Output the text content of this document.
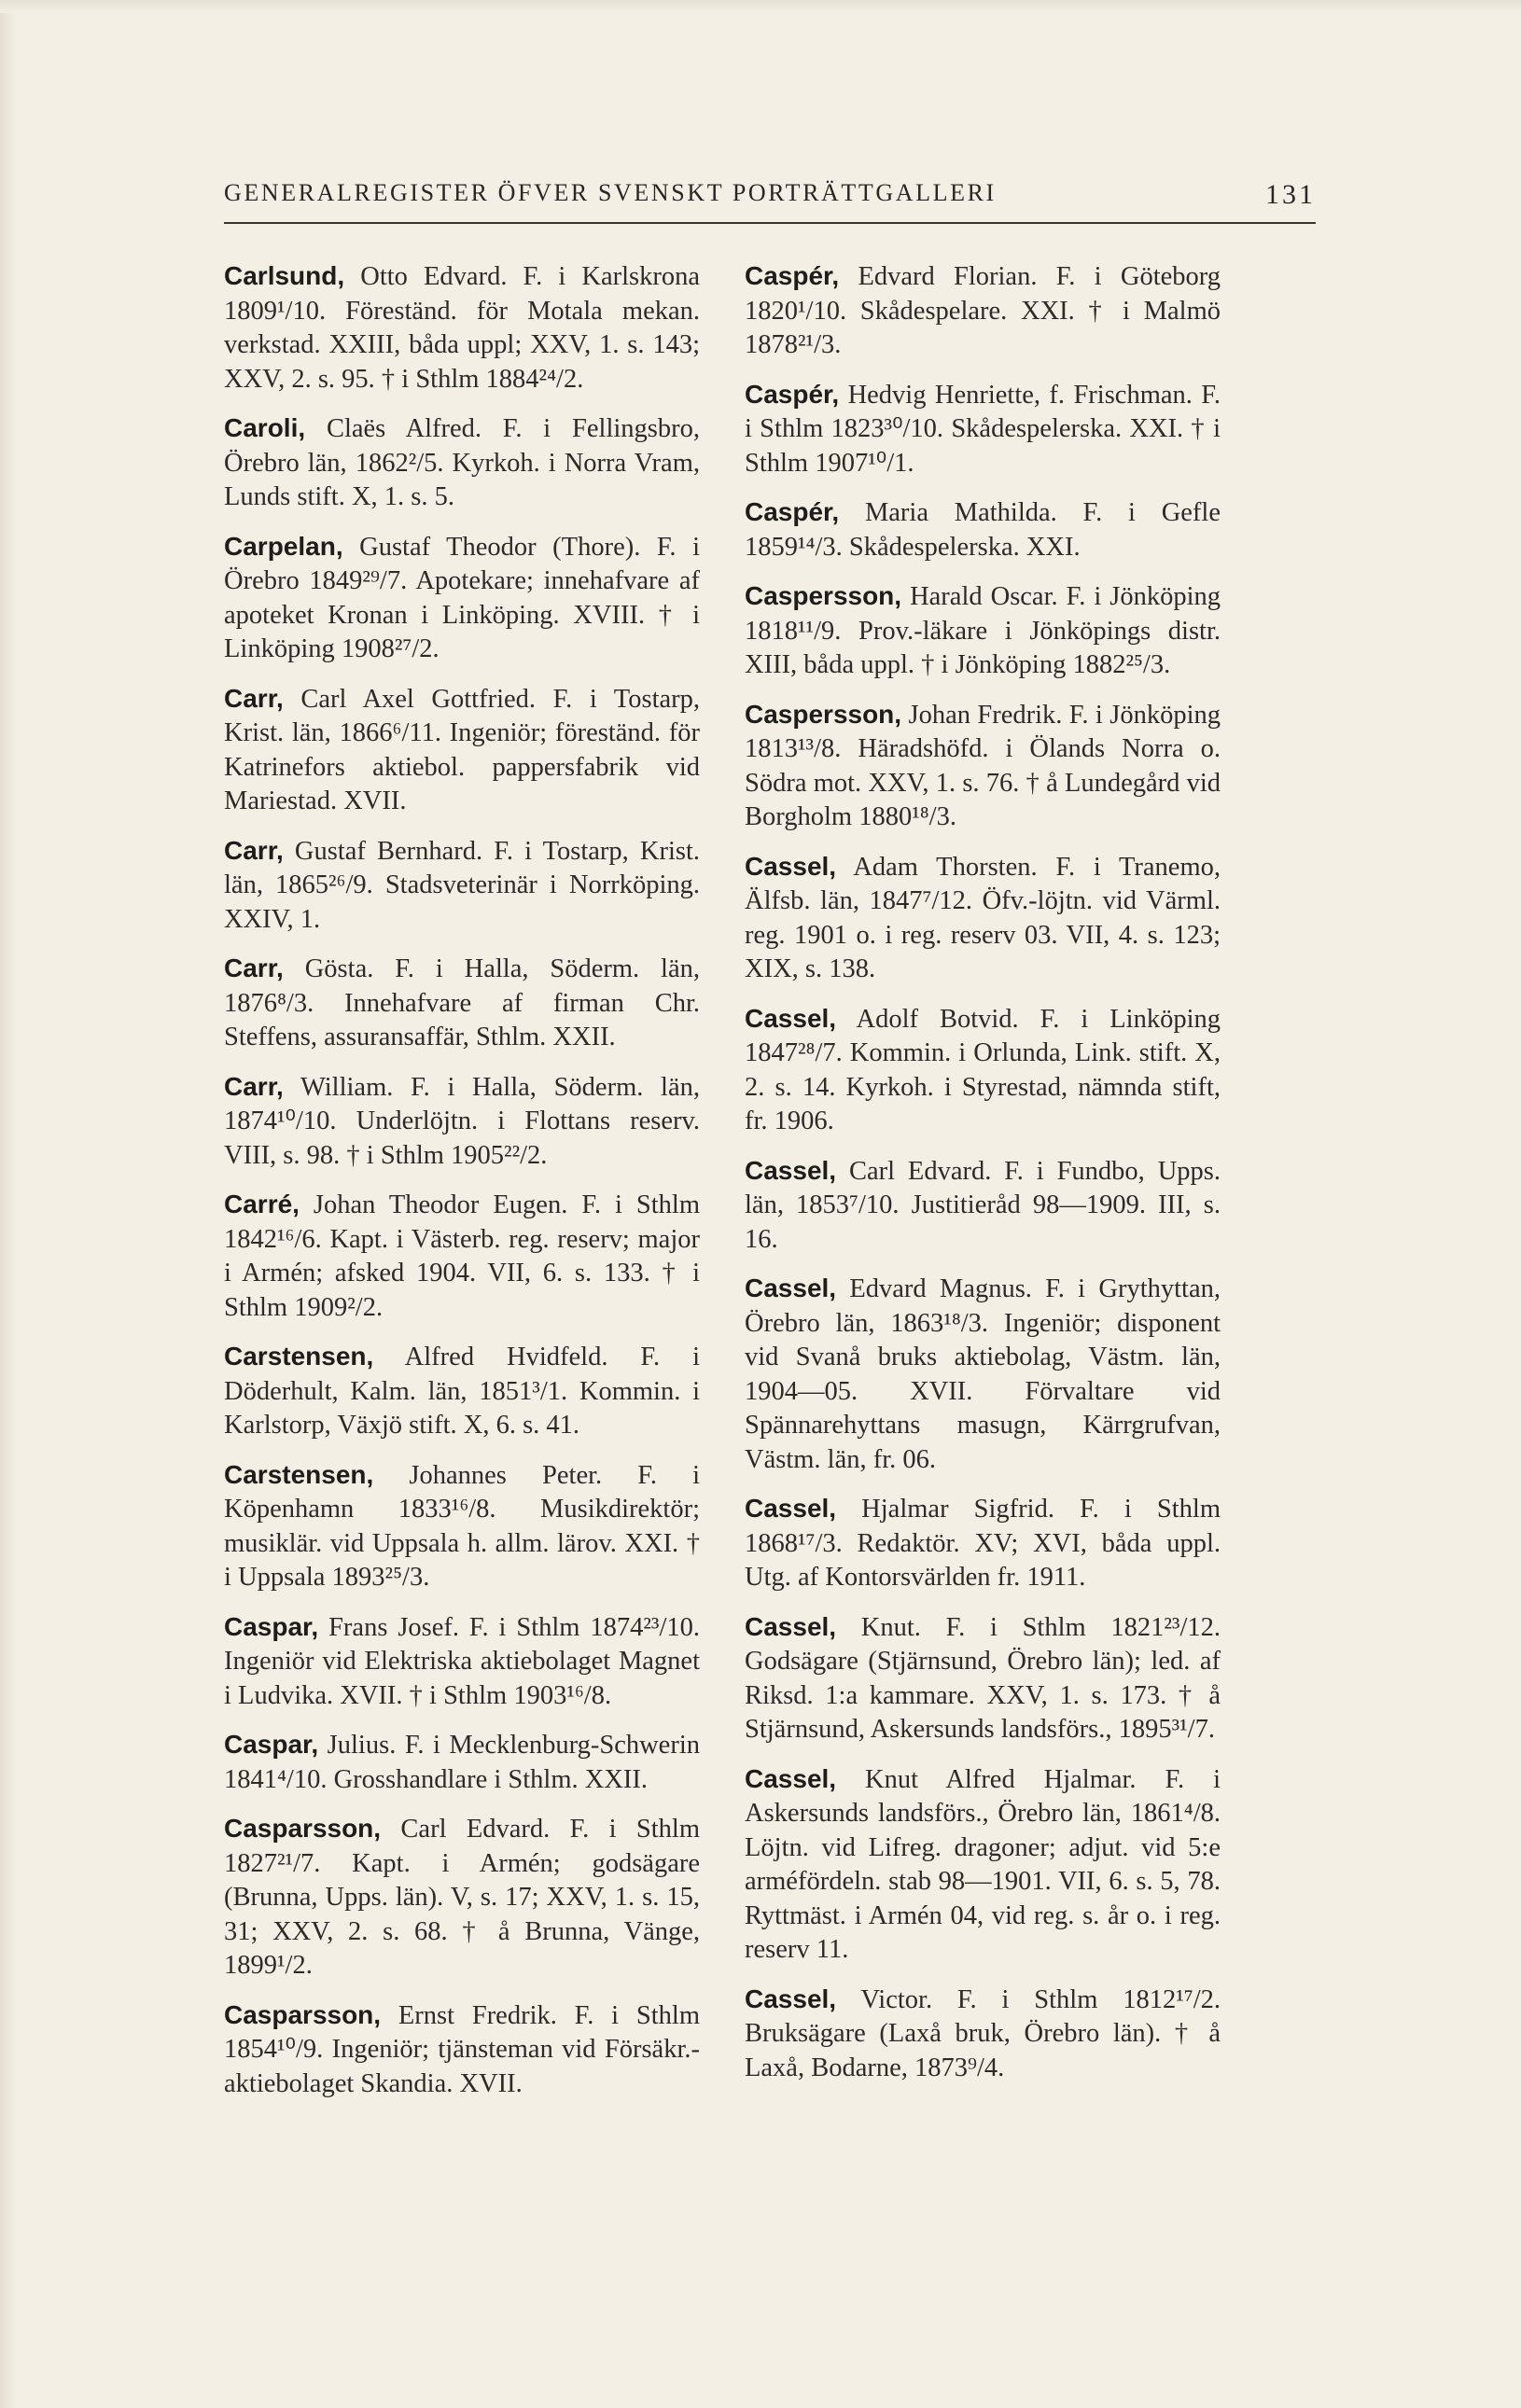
GENERALREGISTER ÖFVER SVENSKT PORTRÄTTGALLERI	131

Carlsund, Otto Edvard. F. i Karlskrona 1809¹/10. Föreständ. för Motala mekan. verkstad. XXIII, båda uppl; XXV, 1. s. 143; XXV, 2. s. 95. † i Sthlm 1884²⁴/2.

Caroli, Claës Alfred. F. i Fellingsbro, Örebro län, 1862²/5. Kyrkoh. i Norra Vram, Lunds stift. X, 1. s. 5.

Carpelan, Gustaf Theodor (Thore). F. i Örebro 1849²⁹/7. Apotekare; innehafvare af apoteket Kronan i Linköping. XVIII. † i Linköping 1908²⁷/2.

Carr, Carl Axel Gottfried. F. i Tostarp, Krist. län, 1866⁶/11. Ingeniör; föreständ. för Katrinefors aktiebol. pappersfabrik vid Mariestad. XVII.

Carr, Gustaf Bernhard. F. i Tostarp, Krist. län, 1865²⁶/9. Stadsveterinär i Norrköping. XXIV, 1.

Carr, Gösta. F. i Halla, Söderm. län, 1876⁸/3. Innehafvare af firman Chr. Steffens, assuransaffär, Sthlm. XXII.

Carr, William. F. i Halla, Söderm. län, 1874¹⁰/10. Underlöjtn. i Flottans reserv. VIII, s. 98. † i Sthlm 1905²²/2.

Carré, Johan Theodor Eugen. F. i Sthlm 1842¹⁶/6. Kapt. i Västerb. reg. reserv; major i Armén; afsked 1904. VII, 6. s. 133. † i Sthlm 1909²/2.

Carstensen, Alfred Hvidfeld. F. i Döderhult, Kalm. län, 1851³/1. Kommin. i Karlstorp, Växjö stift. X, 6. s. 41.

Carstensen, Johannes Peter. F. i Köpenhamn 1833¹⁶/8. Musikdirektör; musiklär. vid Uppsala h. allm. lärov. XXI. † i Uppsala 1893²⁵/3.

Caspar, Frans Josef. F. i Sthlm 1874²³/10. Ingeniör vid Elektriska aktiebolaget Magnet i Ludvika. XVII. † i Sthlm 1903¹⁶/8.

Caspar, Julius. F. i Mecklenburg-Schwerin 1841⁴/10. Grosshandlare i Sthlm. XXII.

Casparsson, Carl Edvard. F. i Sthlm 1827²¹/7. Kapt. i Armén; godsägare (Brunna, Upps. län). V, s. 17; XXV, 1. s. 15, 31; XXV, 2. s. 68. † å Brunna, Vänge, 1899¹/2.

Casparsson, Ernst Fredrik. F. i Sthlm 1854¹⁰/9. Ingeniör; tjänsteman vid Försäkr.-aktiebolaget Skandia. XVII.

Caspér, Edvard Florian. F. i Göteborg 1820¹/10. Skådespelare. XXI. † i Malmö 1878²¹/3.

Caspér, Hedvig Henriette, f. Frischman. F. i Sthlm 1823³⁰/10. Skådespelerska. XXI. † i Sthlm 1907¹⁰/1.

Caspér, Maria Mathilda. F. i Gefle 1859¹⁴/3. Skådespelerska. XXI.

Caspersson, Harald Oscar. F. i Jönköping 1818¹¹/9. Prov.-läkare i Jönköpings distr. XIII, båda uppl. † i Jönköping 1882²⁵/3.

Caspersson, Johan Fredrik. F. i Jönköping 1813¹³/8. Häradshöfd. i Ölands Norra o. Södra mot. XXV, 1. s. 76. † å Lundegård vid Borgholm 1880¹⁸/3.

Cassel, Adam Thorsten. F. i Tranemo, Älfsb. län, 1847⁷/12. Öfv.-löjtn. vid Värml. reg. 1901 o. i reg. reserv 03. VII, 4. s. 123; XIX, s. 138.

Cassel, Adolf Botvid. F. i Linköping 1847²⁸/7. Kommin. i Orlunda, Link. stift. X, 2. s. 14. Kyrkoh. i Styrestad, nämnda stift, fr. 1906.

Cassel, Carl Edvard. F. i Fundbo, Upps. län, 1853⁷/10. Justitieråd 98—1909. III, s. 16.

Cassel, Edvard Magnus. F. i Grythyttan, Örebro län, 1863¹⁸/3. Ingeniör; disponent vid Svanå bruks aktiebolag, Västm. län, 1904—05. XVII. Förvaltare vid Spännarehyttans masugn, Kärrgrufvan, Västm. län, fr. 06.

Cassel, Hjalmar Sigfrid. F. i Sthlm 1868¹⁷/3. Redaktör. XV; XVI, båda uppl. Utg. af Kontorsvärlden fr. 1911.

Cassel, Knut. F. i Sthlm 1821²³/12. Godsägare (Stjärnsund, Örebro län); led. af Riksd. 1:a kammare. XXV, 1. s. 173. † å Stjärnsund, Askersunds landsförs., 1895³¹/7.

Cassel, Knut Alfred Hjalmar. F. i Askersunds landsförs., Örebro län, 1861⁴/8. Löjtn. vid Lifreg. dragoner; adjut. vid 5:e arméfördeln. stab 98—1901. VII, 6. s. 5, 78. Ryttmäst. i Armén 04, vid reg. s. år o. i reg. reserv 11.

Cassel, Victor. F. i Sthlm 1812¹⁷/2. Bruksägare (Laxå bruk, Örebro län). † å Laxå, Bodarne, 1873⁹/4.
